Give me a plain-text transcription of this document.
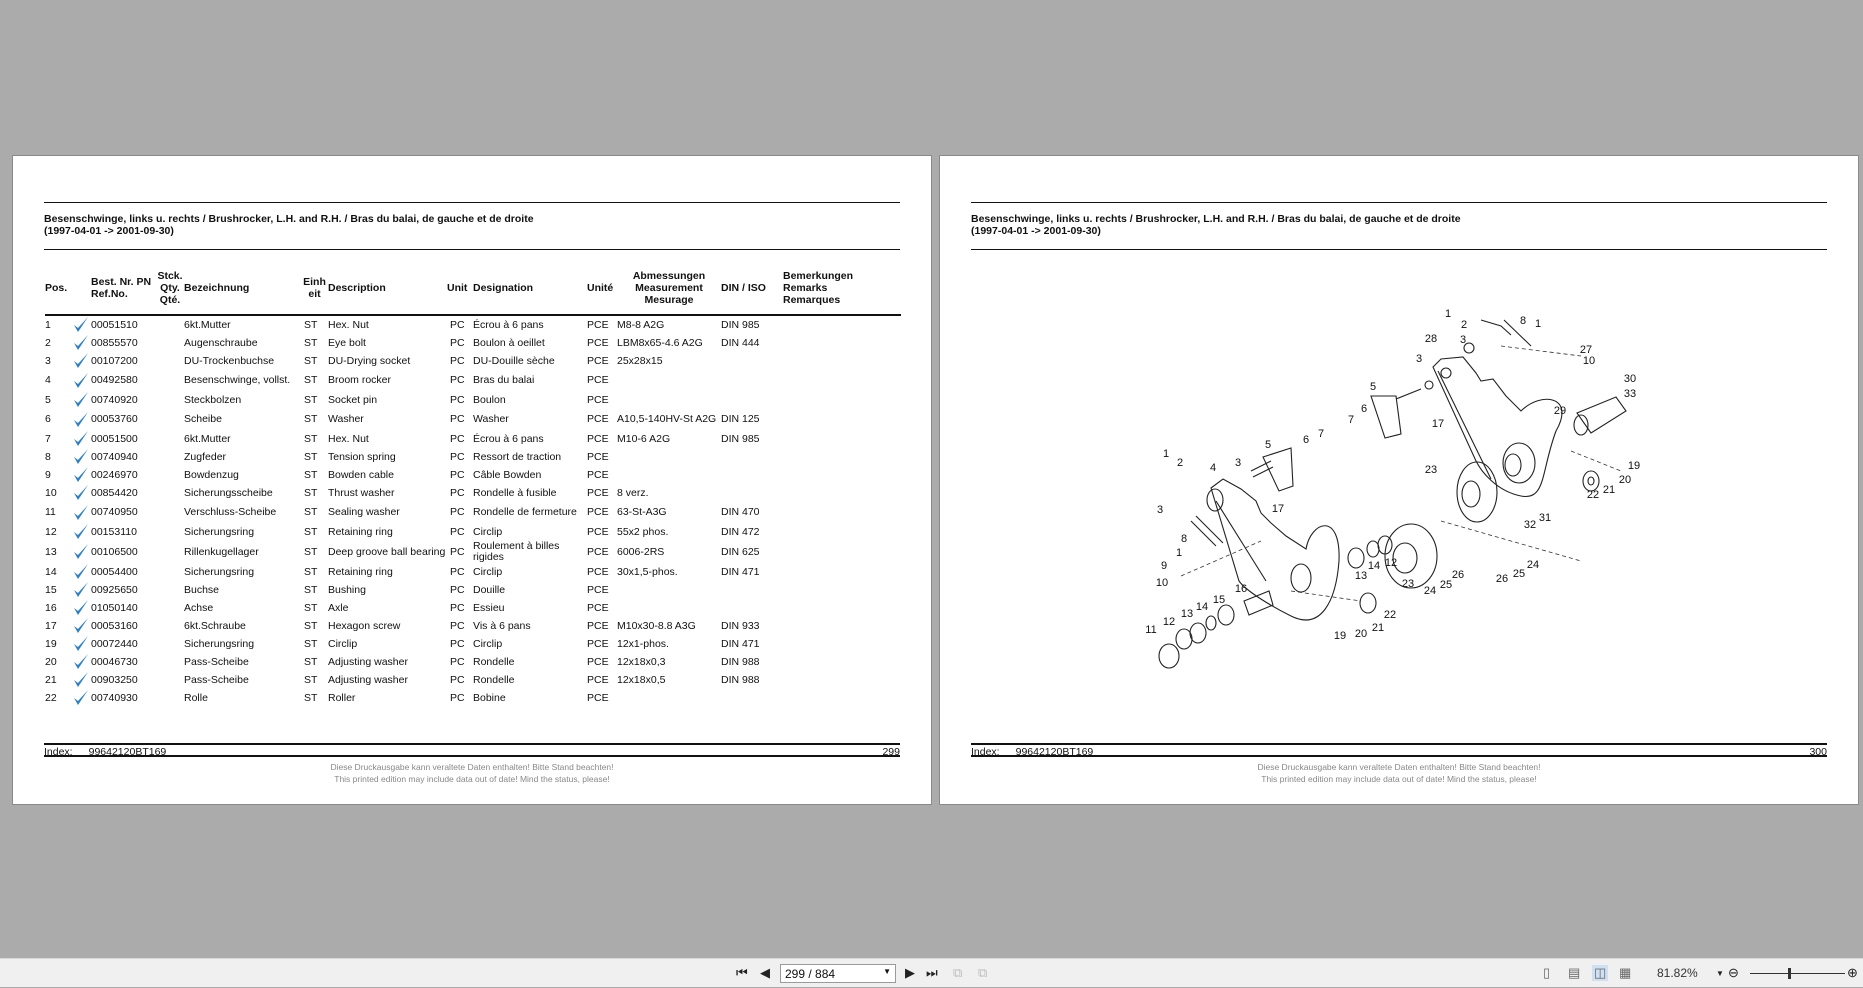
Besenschwinge, links u. rechts / Brushrocker, L.H. and R.H. / Bras du balai, de gauche et de droite
(1997-04-01 -> 2001-09-30)
Pos.	Best. Nr. PN Ref.No.		Stck. Qty. Qté.	Bezeichnung	Einheit	Description	Unit	Designation	Unité	Abmessungen Measurement Mesurage	DIN / ISO	Bemerkungen Remarks Remarques
1		00051510		6kt.Mutter	ST	Hex. Nut	PC	Écrou à 6 pans	PCE	M8-8 A2G	DIN 985	
2		00855570		Augenschraube	ST	Eye bolt	PC	Boulon à oeillet	PCE	LBM8x65-4.6 A2G	DIN 444	
3		00107200		DU-Trockenbuchse	ST	DU-Drying socket	PC	DU-Douille sèche	PCE	25x28x15		
4		00492580		Besenschwinge, vollst.	ST	Broom rocker	PC	Bras du balai	PCE			
5		00740920		Steckbolzen	ST	Socket pin	PC	Boulon	PCE			
6		00053760		Scheibe	ST	Washer	PC	Washer	PCE	A10,5-140HV-St A2G	DIN 125	
7		00051500		6kt.Mutter	ST	Hex. Nut	PC	Écrou à 6 pans	PCE	M10-6 A2G	DIN 985	
8		00740940		Zugfeder	ST	Tension spring	PC	Ressort de traction	PCE			
9		00246970		Bowdenzug	ST	Bowden cable	PC	Câble Bowden	PCE			
10		00854420		Sicherungsscheibe	ST	Thrust washer	PC	Rondelle à fusible	PCE	8 verz.		
11		00740950		Verschluss-Scheibe	ST	Sealing washer	PC	Rondelle de fermeture	PCE	63-St-A3G	DIN 470	
12		00153110		Sicherungsring	ST	Retaining ring	PC	Circlip	PCE	55x2 phos.	DIN 472	
13		00106500		Rillenkugellager	ST	Deep groove ball bearing	PC	Roulement à billes rigides	PCE	6006-2RS	DIN 625	
14		00054400		Sicherungsring	ST	Retaining ring	PC	Circlip	PCE	30x1,5-phos.	DIN 471	
15		00925650		Buchse	ST	Bushing	PC	Douille	PCE			
16		01050140		Achse	ST	Axle	PC	Essieu	PCE			
17		00053160		6kt.Schraube	ST	Hexagon screw	PC	Vis à 6 pans	PCE	M10x30-8.8 A3G	DIN 933	
19		00072440		Sicherungsring	ST	Circlip	PC	Circlip	PCE	12x1-phos.	DIN 471	
20		00046730		Pass-Scheibe	ST	Adjusting washer	PC	Rondelle	PCE	12x18x0,3	DIN 988	
21		00903250		Pass-Scheibe	ST	Adjusting washer	PC	Rondelle	PCE	12x18x0,5	DIN 988	
22		00740930		Rolle	ST	Roller	PC	Bobine	PCE			
Index: 99642120BT169	299
Diese Druckausgabe kann veraltete Daten enthalten! Bitte Stand beachten!
This printed edition may include data out of date! Mind the status, please!
Besenschwinge, links u. rechts / Brushrocker, L.H. and R.H. / Bras du balai, de gauche et de droite
(1997-04-01 -> 2001-09-30)
1
2	8 1
28 3
3
27
10
30
33
5
29
6
7	17
19
20
23
22 21
31
32
1
2
5
3
6 7
4
3	17
8
1
9
10
12
14
13
23
26
25
24
24
25
26
16
15
14
13
12
11
22
21
20
19
Index: 99642120BT169	300
Diese Druckausgabe kann veraltete Daten enthalten! Bitte Stand beachten!
This printed edition may include data out of date! Mind the status, please!
⏮ ◀	299 / 884	▼ ▶ ⏭ ⧉ ⧉	▯ ▤ ◫ ▦ 81.82% ▼ ⊖	⊕
